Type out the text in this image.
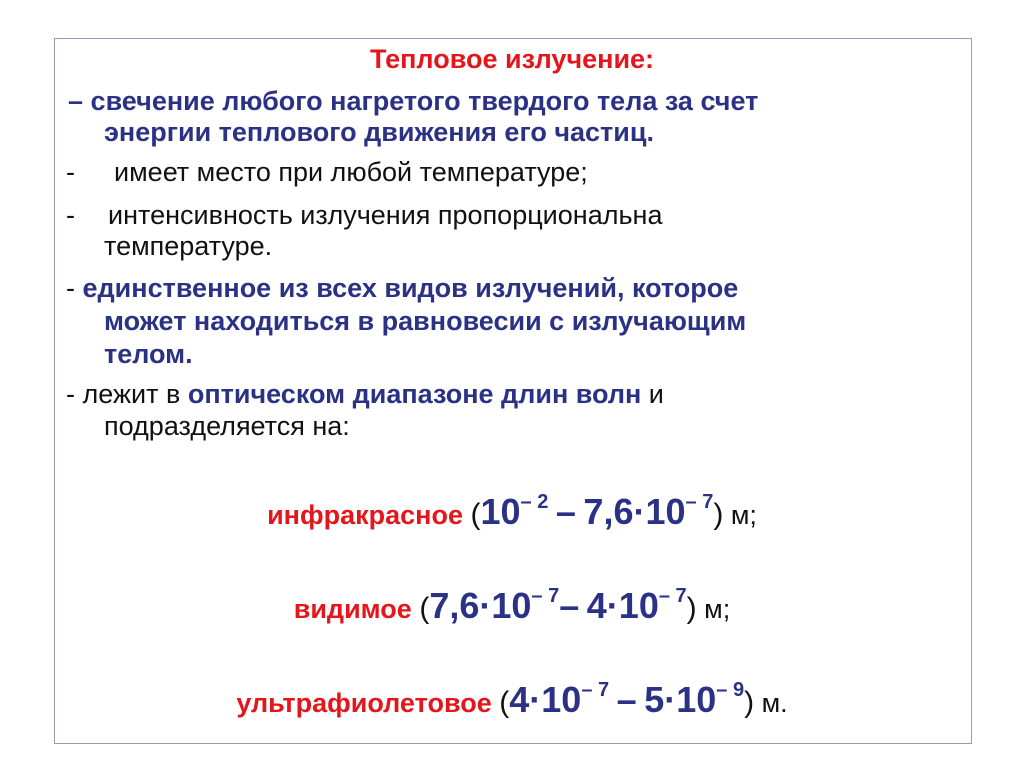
Тепловое излучение:
– свечение любого нагретого твердого тела за счет
энергии теплового движения его частиц.
- имеет место при любой температуре;
- интенсивность излучения пропорциональна
температуре.
- единственное из всех видов излучений, которое
может находиться в равновесии с излучающим
телом.
- лежит в оптическом диапазоне длин волн и
подразделяется на:
инфракрасное $(10^{- 2} - 7,6\cdot 10^{- 7})$ м;
видимое ($7,6\cdot 10^{- 7}-$ $4\cdot 10^{- 7}$) м;
ультрафиолетовое $(4\cdot 10^{- 7} - 5\cdot 10^{- 9})$ м.
